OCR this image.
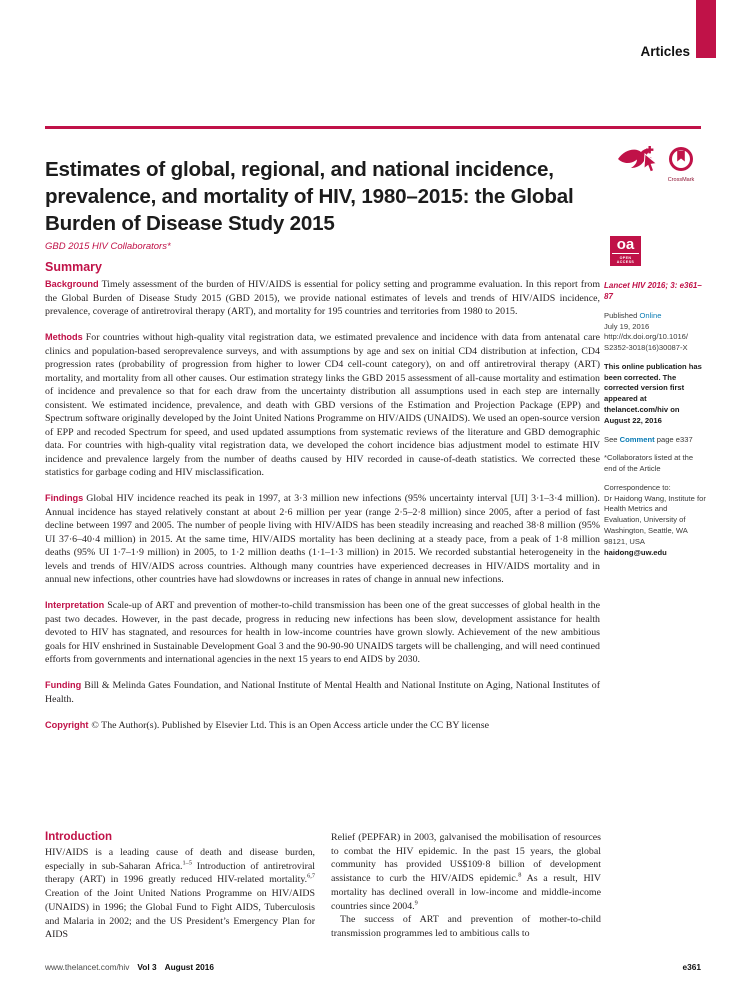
Articles
Estimates of global, regional, and national incidence, prevalence, and mortality of HIV, 1980–2015: the Global Burden of Disease Study 2015
GBD 2015 HIV Collaborators*
CrossMark
oa
OPEN ACCESS
Summary

Background Timely assessment of the burden of HIV/AIDS is essential for policy setting and programme evaluation. In this report from the Global Burden of Disease Study 2015 (GBD 2015), we provide national estimates of levels and trends of HIV/AIDS incidence, prevalence, coverage of antiretroviral therapy (ART), and mortality for 195 countries and territories from 1980 to 2015.

Methods For countries without high-quality vital registration data, we estimated prevalence and incidence with data from antenatal care clinics and population-based seroprevalence surveys, and with assumptions by age and sex on initial CD4 distribution at infection, CD4 progression rates (probability of progression from higher to lower CD4 cell-count category), on and off antiretroviral therapy (ART) mortality, and mortality from all other causes. Our estimation strategy links the GBD 2015 assessment of all-cause mortality and estimation of incidence and prevalence so that for each draw from the uncertainty distribution all assumptions used in each step are internally consistent. We estimated incidence, prevalence, and death with GBD versions of the Estimation and Projection Package (EPP) and Spectrum software originally developed by the Joint United Nations Programme on HIV/AIDS (UNAIDS). We used an open-source version of EPP and recoded Spectrum for speed, and used updated assumptions from systematic reviews of the literature and GBD demographic data. For countries with high-quality vital registration data, we developed the cohort incidence bias adjustment model to estimate HIV incidence and prevalence largely from the number of deaths caused by HIV recorded in cause-of-death statistics. We corrected these statistics for garbage coding and HIV misclassification.

Findings Global HIV incidence reached its peak in 1997, at 3·3 million new infections (95% uncertainty interval [UI] 3·1–3·4 million). Annual incidence has stayed relatively constant at about 2·6 million per year (range 2·5–2·8 million) since 2005, after a period of fast decline between 1997 and 2005. The number of people living with HIV/AIDS has been steadily increasing and reached 38·8 million (95% UI 37·6–40·4 million) in 2015. At the same time, HIV/AIDS mortality has been declining at a steady pace, from a peak of 1·8 million deaths (95% UI 1·7–1·9 million) in 2005, to 1·2 million deaths (1·1–1·3 million) in 2015. We recorded substantial heterogeneity in the levels and trends of HIV/AIDS across countries. Although many countries have experienced decreases in HIV/AIDS mortality and in annual new infections, other countries have had slowdowns or increases in rates of change in annual new infections.

Interpretation Scale-up of ART and prevention of mother-to-child transmission has been one of the great successes of global health in the past two decades. However, in the past decade, progress in reducing new infections has been slow, development assistance for health devoted to HIV has stagnated, and resources for health in low-income countries have grown slowly. Achievement of the new ambitious goals for HIV enshrined in Sustainable Development Goal 3 and the 90-90-90 UNAIDS targets will be challenging, and will need continued efforts from governments and international agencies in the next 15 years to end AIDS by 2030.

Funding Bill & Melinda Gates Foundation, and National Institute of Mental Health and National Institute on Aging, National Institutes of Health.

Copyright © The Author(s). Published by Elsevier Ltd. This is an Open Access article under the CC BY license

Introduction

HIV/AIDS is a leading cause of death and disease burden, especially in sub-Saharan Africa.$^{1-5}$ Introduction of antiretroviral therapy (ART) in 1996 greatly reduced HIV-related mortality.$^{6,7}$ Creation of the Joint United Nations Programme on HIV/AIDS (UNAIDS) in 1996; the Global Fund to Fight AIDS, Tuberculosis and Malaria in 2002; and the US President’s Emergency Plan for AIDS

Relief (PEPFAR) in 2003, galvanised the mobilisation of resources to combat the HIV epidemic. In the past 15 years, the global community has provided US$109·8 billion of development assistance to curb the HIV/AIDS epidemic.$^8$ As a result, HIV mortality has declined overall in low-income and middle-income countries since 2004.$^9$

The success of ART and prevention of mother-to-child transmission programmes led to ambitious calls to

Lancet HIV 2016; 3: e361–87
Published Online
July 19, 2016
http://dx.doi.org/10.1016/
S2352-3018(16)30087-X
This online publication has been corrected. The corrected version first appeared at thelancet.com/hiv on August 22, 2016
See Comment page e337
*Collaborators listed at the end of the Article
Correspondence to:
Dr Haidong Wang, Institute for Health Metrics and Evaluation, University of Washington, Seattle, WA 98121, USA
haidong@uw.edu
www.thelancet.com/hiv Vol 3 August 2016	e361
